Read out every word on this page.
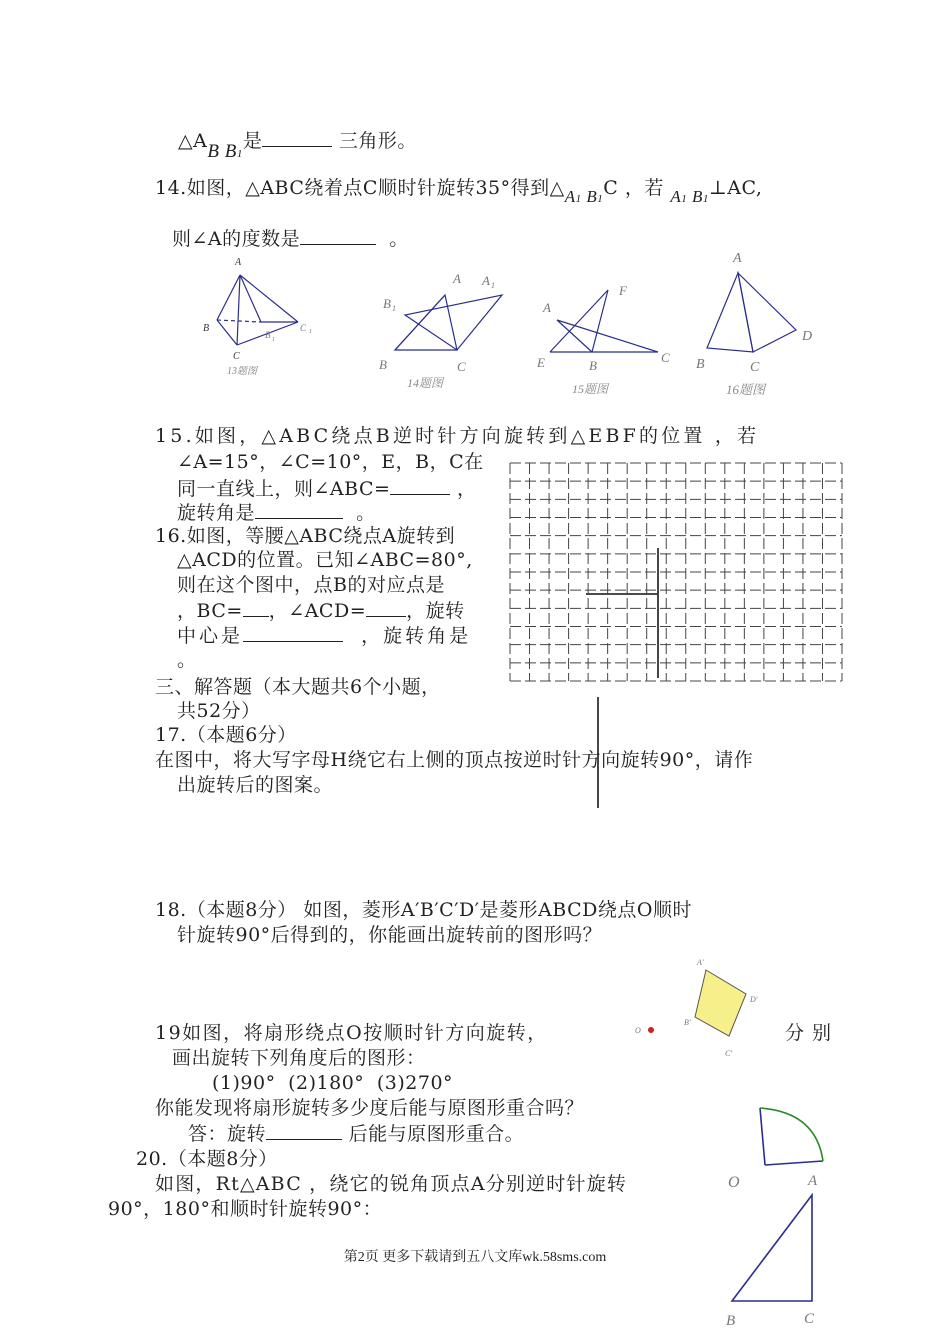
△AB B1是	三角形。
14.如图，△ABC绕着点C顺时针旋转35°得到△A1 B1C ，若 A1 B1⊥AC,
则∠A的度数是	。
A
B
C
B 1
C 1
13题图
A A 1
B 1
B	C
14题图
A
F
E	B
C
15题图
A
D
B	C
16题图
15.如图，△ABC绕点B逆时针方向旋转到△EBF的位置 ，若
∠A=15°，∠C=10°，E，B，C在
同一直线上，则∠ABC=	，
旋转角是	。
16.如图，等腰△ABC绕点A旋转到
△ACD的位置。已知∠ABC=80°,
则在这个图中，点B的对应点是
，BC= ，∠ACD= ，旋转
中心是	，旋转角是
。
三、解答题（本大题共6个小题，
共52分）
17.（本题6分）
在图中，将大写字母H绕它右上侧的顶点按逆时针方向旋转90°，请作
出旋转后的图案。
18.（本题8分） 如图，菱形A′B′C′D′是菱形ABCD绕点O顺时
针旋转90°后得到的，你能画出旋转前的图形吗？
A'
D'
B'
C'
O
19如图，将扇形绕点O按顺时针方向旋转，	分别
画出旋转下列角度后的图形：
(1)90° (2)180° (3)270°
你能发现将扇形旋转多少度后能与原图形重合吗？
答：旋转	后能与原图形重合。
O
20.（本题8分）
如图，Rt△ABC ，绕它的锐角顶点A分别逆时针旋转
90°，180°和顺时针旋转90°：
A
B	C
第2页 更多下载请到五八文库wk.58sms.com
